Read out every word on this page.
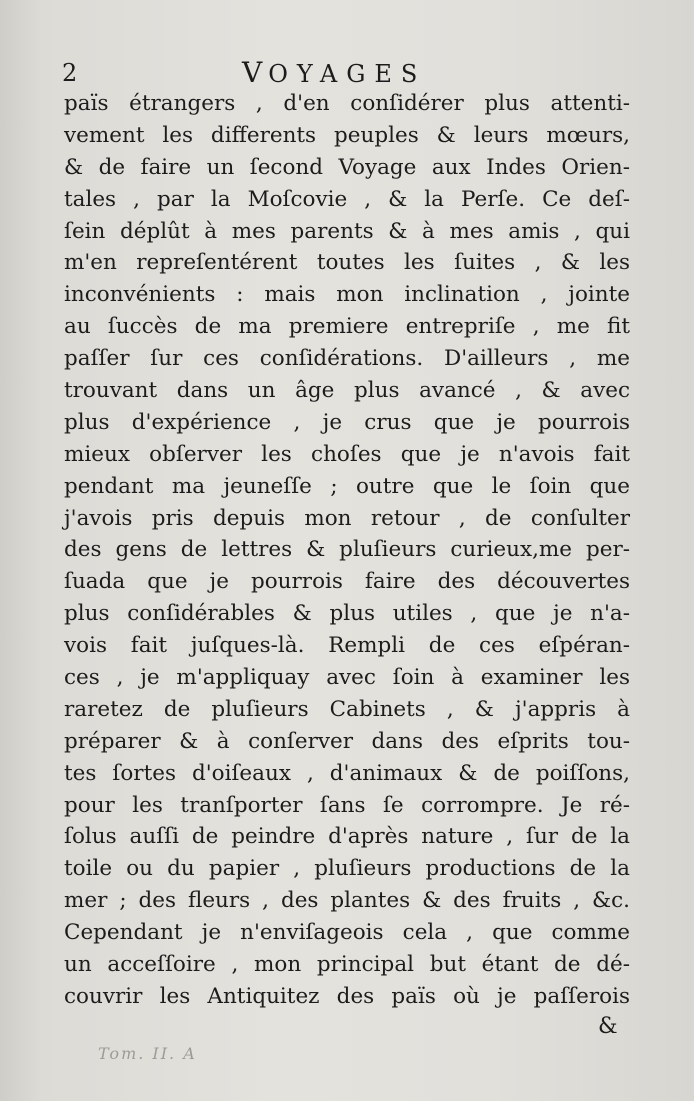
2	VOYAGES
païs étrangers , d'en conſidérer plus attenti-
vement les differents peuples & leurs mœurs,
& de faire un ſecond Voyage aux Indes Orien-
tales , par la Moſcovie , & la Perſe. Ce deſ-
ſein déplût à mes parents & à mes amis , qui
m'en repreſentérent toutes les ſuites , & les
inconvénients : mais mon inclination , jointe
au ſuccès de ma premiere entrepriſe , me fit
paſſer ſur ces conſidérations. D'ailleurs , me
trouvant dans un âge plus avancé , & avec
plus d'expérience , je crus que je pourrois
mieux obſerver les choſes que je n'avois fait
pendant ma jeuneſſe ; outre que le ſoin que
j'avois pris depuis mon retour , de conſulter
des gens de lettres & pluſieurs curieux,me per-
ſuada que je pourrois faire des découvertes
plus conſidérables & plus utiles , que je n'a-
vois fait juſques-là. Rempli de ces eſpéran-
ces , je m'appliquay avec ſoin à examiner les
raretez de pluſieurs Cabinets , & j'appris à
préparer & à conſerver dans des eſprits tou-
tes ſortes d'oiſeaux , d'animaux & de poiſſons,
pour les tranſporter ſans ſe corrompre. Je ré-
ſolus auſſi de peindre d'après nature , ſur de la
toile ou du papier , pluſieurs productions de la
mer ; des fleurs , des plantes & des fruits , &c.
Cependant je n'enviſageois cela , que comme
un acceſſoire , mon principal but étant de dé-
couvrir les Antiquitez des païs où je paſſerois
&
Tom. II. A
